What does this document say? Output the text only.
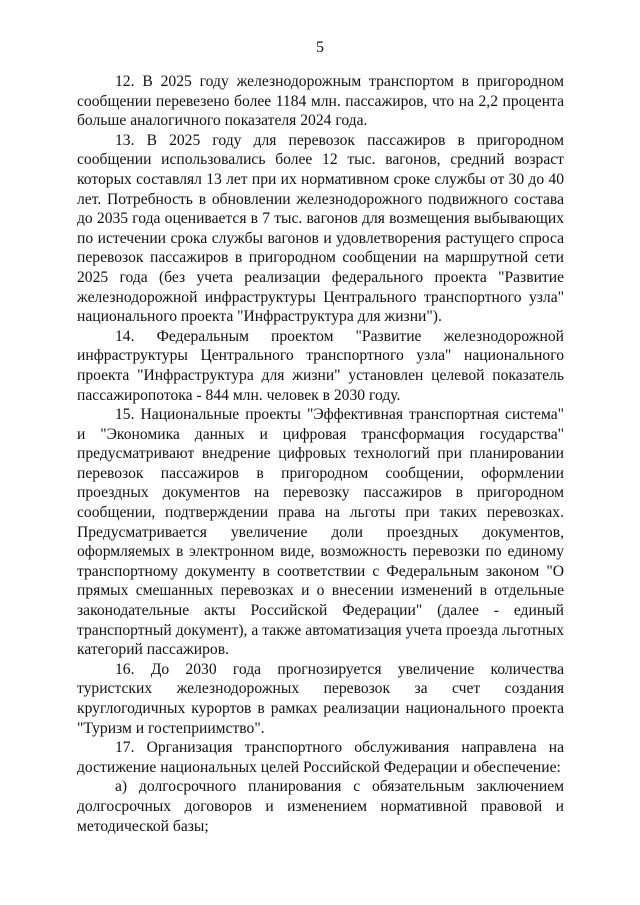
5

12. В 2025 году железнодорожным транспортом в пригородном сообщении перевезено более 1184 млн. пассажиров, что на 2,2 процента больше аналогичного показателя 2024 года.

13. В 2025 году для перевозок пассажиров в пригородном сообщении использовались более 12 тыс. вагонов, средний возраст которых составлял 13 лет при их нормативном сроке службы от 30 до 40 лет. Потребность в обновлении железнодорожного подвижного состава до 2035 года оценивается в 7 тыс. вагонов для возмещения выбывающих по истечении срока службы вагонов и удовлетворения растущего спроса перевозок пассажиров в пригородном сообщении на маршрутной сети 2025 года (без учета реализации федерального проекта "Развитие железнодорожной инфраструктуры Центрального транспортного узла" национального проекта "Инфраструктура для жизни").

14. Федеральным проектом "Развитие железнодорожной инфраструктуры Центрального транспортного узла" национального проекта "Инфраструктура для жизни" установлен целевой показатель пассажиропотока - 844 млн. человек в 2030 году.

15. Национальные проекты "Эффективная транспортная система" и "Экономика данных и цифровая трансформация государства" предусматривают внедрение цифровых технологий при планировании перевозок пассажиров в пригородном сообщении, оформлении проездных документов на перевозку пассажиров в пригородном сообщении, подтверждении права на льготы при таких перевозках. Предусматривается увеличение доли проездных документов, оформляемых в электронном виде, возможность перевозки по единому транспортному документу в соответствии с Федеральным законом "О прямых смешанных перевозках и о внесении изменений в отдельные законодательные акты Российской Федерации" (далее - единый транспортный документ), а также автоматизация учета проезда льготных категорий пассажиров.

16. До 2030 года прогнозируется увеличение количества туристских железнодорожных перевозок за счет создания круглогодичных курортов в рамках реализации национального проекта "Туризм и гостеприимство".

17. Организация транспортного обслуживания направлена на достижение национальных целей Российской Федерации и обеспечение:

а) долгосрочного планирования с обязательным заключением долгосрочных договоров и изменением нормативной правовой и методической базы;
